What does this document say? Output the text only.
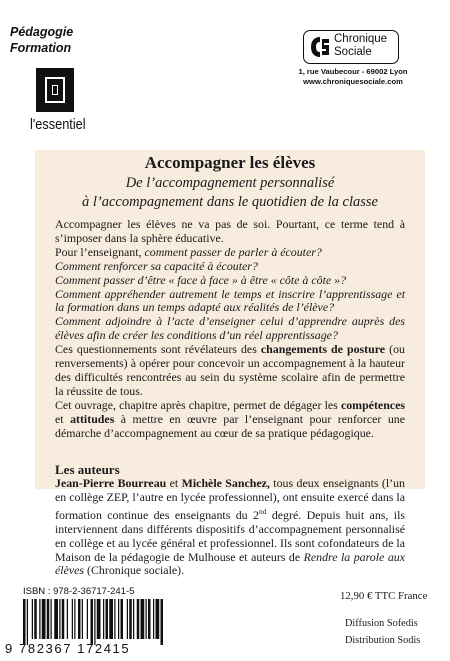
Pédagogie
Formation
l'essentiel
Chronique
Sociale
1, rue Vaubecour - 69002 Lyon
www.chroniquesociale.com
Accompagner les élèves
De l’accompagnement personnalisé
à l’accompagnement dans le quotidien de la classe

Accompagner les élèves ne va pas de soi. Pourtant, ce terme tend à s’imposer dans la sphère éducative.

Pour l’enseignant, comment passer de parler à écouter?

Comment renforcer sa capacité à écouter?

Comment passer d’être « face à face » à être « côte à côte »?

Comment appréhender autrement le temps et inscrire l’apprentissage et la formation dans un temps adapté aux réalités de l’élève?

Comment adjoindre à l’acte d’enseigner celui d’apprendre auprès des élèves afin de créer les conditions d’un réel apprentissage?

Ces questionnements sont révélateurs des changements de posture (ou renversements) à opérer pour concevoir un accompagnement à la hauteur des difficultés rencontrées au sein du système scolaire afin de permettre la réussite de tous.

Cet ouvrage, chapitre après chapitre, permet de dégager les compétences et attitudes à mettre en œuvre par l’enseignant pour renforcer une démarche d’accompagnement au cœur de sa pratique pédagogique.

Les auteurs

Jean-Pierre Bourreau et Michèle Sanchez, tous deux enseignants (l’un en collège ZEP, l’autre en lycée professionnel), ont ensuite exercé dans la formation continue des enseignants du 2nd degré. Depuis huit ans, ils interviennent dans différents dispositifs d’accompagnement personnalisé en collège et au lycée général et professionnel. Ils sont cofondateurs de la Maison de la pédagogie de Mulhouse et auteurs de Rendre la parole aux élèves (Chronique sociale).

ISBN : 978-2-36717-241-5
9 782367 172415
12,90 € TTC France
Diffusion Sofedis
Distribution Sodis
